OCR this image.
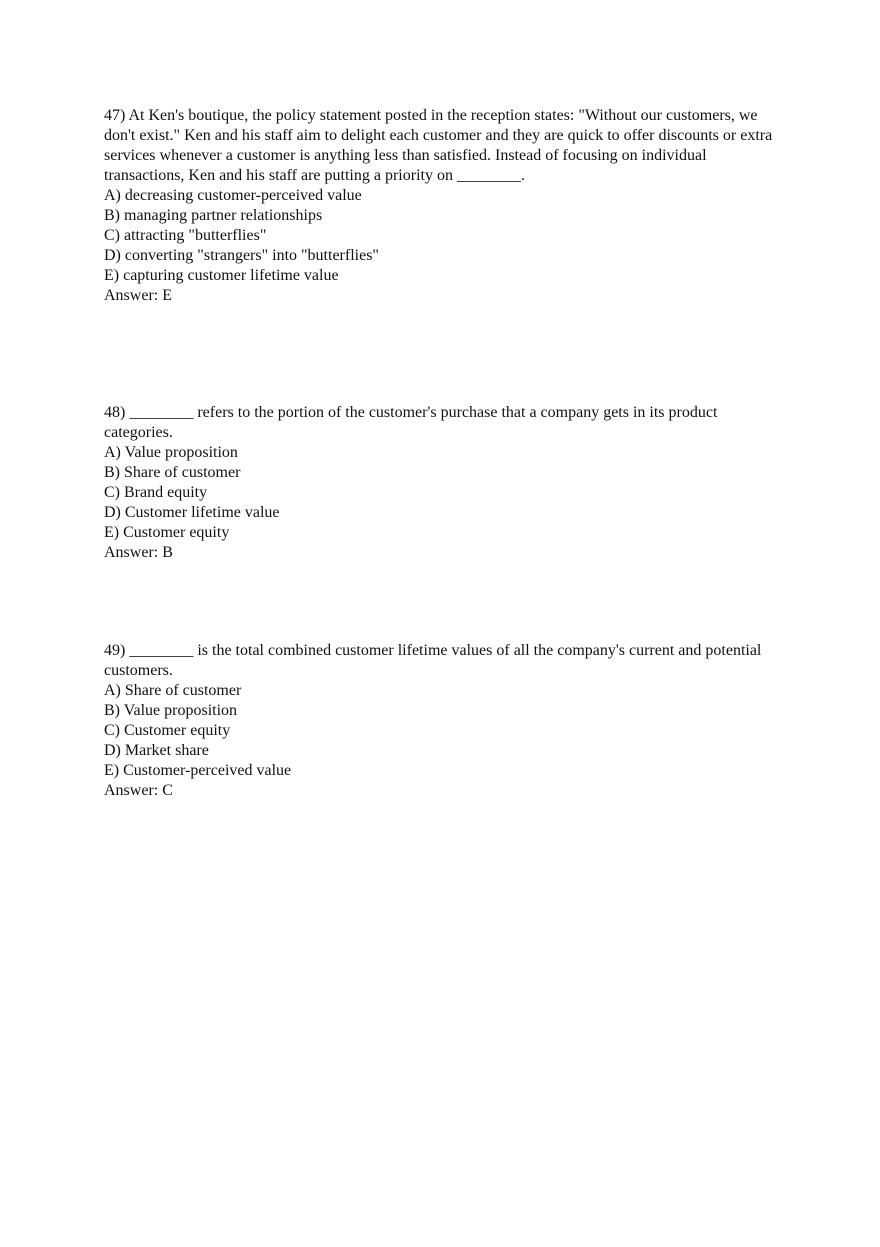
47) At Ken's boutique, the policy statement posted in the reception states: "Without our customers, we don't exist." Ken and his staff aim to delight each customer and they are quick to offer discounts or extra services whenever a customer is anything less than satisfied. Instead of focusing on individual transactions, Ken and his staff are putting a priority on ________.

A) decreasing customer-perceived value
B) managing partner relationships
C) attracting "butterflies"
D) converting "strangers" into "butterflies"
E) capturing customer lifetime value

Answer: E

48) ________ refers to the portion of the customer's purchase that a company gets in its product categories.

A) Value proposition
B) Share of customer
C) Brand equity
D) Customer lifetime value
E) Customer equity

Answer: B

49) ________ is the total combined customer lifetime values of all the company's current and potential customers.

A) Share of customer
B) Value proposition
C) Customer equity
D) Market share
E) Customer-perceived value

Answer: C
